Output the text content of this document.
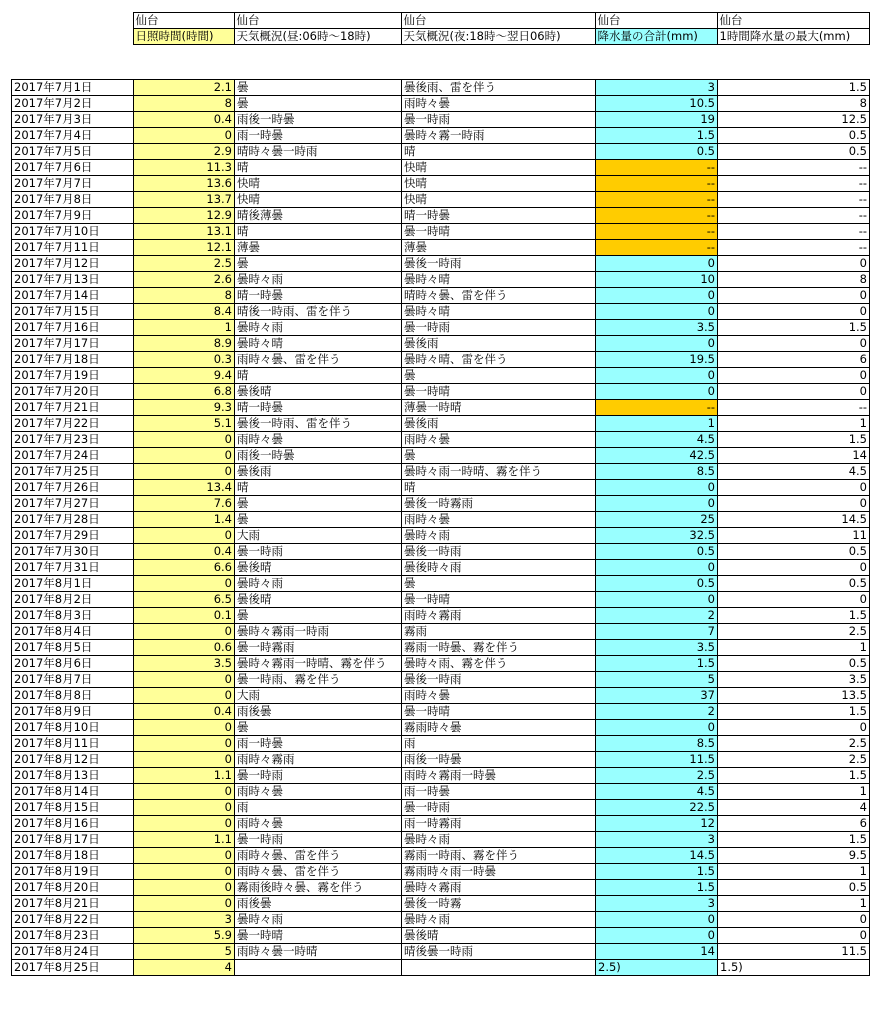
	仙台	仙台	仙台	仙台	仙台
	日照時間(時間)	天気概況(昼:06時〜18時)	天気概況(夜:18時〜翌日06時)	降水量の合計(mm)	1時間降水量の最大(mm)
2017年7月1日	2.1	曇	曇後雨、雷を伴う	3	1.5
2017年7月2日	8	曇	雨時々曇	10.5	8
2017年7月3日	0.4	雨後一時曇	曇一時雨	19	12.5
2017年7月4日	0	雨一時曇	曇時々霧一時雨	1.5	0.5
2017年7月5日	2.9	晴時々曇一時雨	晴	0.5	0.5
2017年7月6日	11.3	晴	快晴	--	--
2017年7月7日	13.6	快晴	快晴	--	--
2017年7月8日	13.7	快晴	快晴	--	--
2017年7月9日	12.9	晴後薄曇	晴一時曇	--	--
2017年7月10日	13.1	晴	曇一時晴	--	--
2017年7月11日	12.1	薄曇	薄曇	--	--
2017年7月12日	2.5	曇	曇後一時雨	0	0
2017年7月13日	2.6	曇時々雨	曇時々晴	10	8
2017年7月14日	8	晴一時曇	晴時々曇、雷を伴う	0	0
2017年7月15日	8.4	晴後一時雨、雷を伴う	曇時々晴	0	0
2017年7月16日	1	曇時々雨	曇一時雨	3.5	1.5
2017年7月17日	8.9	曇時々晴	曇後雨	0	0
2017年7月18日	0.3	雨時々曇、雷を伴う	曇時々晴、雷を伴う	19.5	6
2017年7月19日	9.4	晴	曇	0	0
2017年7月20日	6.8	曇後晴	曇一時晴	0	0
2017年7月21日	9.3	晴一時曇	薄曇一時晴	--	--
2017年7月22日	5.1	曇後一時雨、雷を伴う	曇後雨	1	1
2017年7月23日	0	雨時々曇	雨時々曇	4.5	1.5
2017年7月24日	0	雨後一時曇	曇	42.5	14
2017年7月25日	0	曇後雨	曇時々雨一時晴、霧を伴う	8.5	4.5
2017年7月26日	13.4	晴	晴	0	0
2017年7月27日	7.6	曇	曇後一時霧雨	0	0
2017年7月28日	1.4	曇	雨時々曇	25	14.5
2017年7月29日	0	大雨	曇時々雨	32.5	11
2017年7月30日	0.4	曇一時雨	曇後一時雨	0.5	0.5
2017年7月31日	6.6	曇後晴	曇後時々雨	0	0
2017年8月1日	0	曇時々雨	曇	0.5	0.5
2017年8月2日	6.5	曇後晴	曇一時晴	0	0
2017年8月3日	0.1	曇	雨時々霧雨	2	1.5
2017年8月4日	0	曇時々霧雨一時雨	霧雨	7	2.5
2017年8月5日	0.6	曇一時霧雨	霧雨一時曇、霧を伴う	3.5	1
2017年8月6日	3.5	曇時々霧雨一時晴、霧を伴う	曇時々雨、霧を伴う	1.5	0.5
2017年8月7日	0	曇一時雨、霧を伴う	曇後一時雨	5	3.5
2017年8月8日	0	大雨	雨時々曇	37	13.5
2017年8月9日	0.4	雨後曇	曇一時晴	2	1.5
2017年8月10日	0	曇	霧雨時々曇	0	0
2017年8月11日	0	雨一時曇	雨	8.5	2.5
2017年8月12日	0	雨時々霧雨	雨後一時曇	11.5	2.5
2017年8月13日	1.1	曇一時雨	雨時々霧雨一時曇	2.5	1.5
2017年8月14日	0	雨時々曇	雨一時曇	4.5	1
2017年8月15日	0	雨	曇一時雨	22.5	4
2017年8月16日	0	雨時々曇	雨一時霧雨	12	6
2017年8月17日	1.1	曇一時雨	曇時々雨	3	1.5
2017年8月18日	0	雨時々曇、雷を伴う	霧雨一時雨、霧を伴う	14.5	9.5
2017年8月19日	0	雨時々曇、雷を伴う	霧雨時々雨一時曇	1.5	1
2017年8月20日	0	霧雨後時々曇、霧を伴う	曇時々霧雨	1.5	0.5
2017年8月21日	0	雨後曇	曇後一時霧	3	1
2017年8月22日	3	曇時々雨	曇時々雨	0	0
2017年8月23日	5.9	曇一時晴	曇後晴	0	0
2017年8月24日	5	雨時々曇一時晴	晴後曇一時雨	14	11.5
2017年8月25日	4			2.5)	1.5)
